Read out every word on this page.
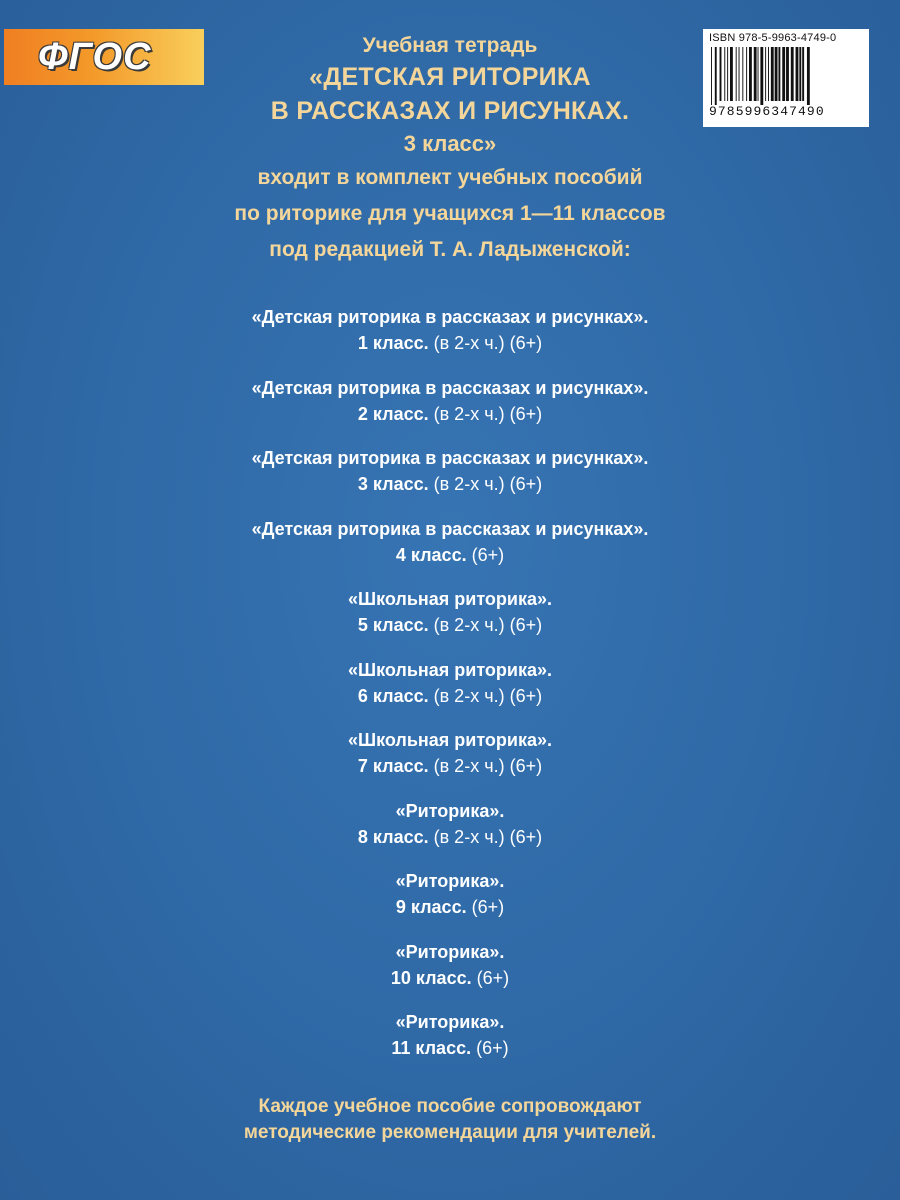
ФГОС	ISBN 978-5-9963-4749-0
9785996347490
Учебная тетрадь
«ДЕТСКАЯ РИТОРИКА
В РАССКАЗАХ И РИСУНКАХ.
3 класс»
входит в комплект учебных пособий
по риторике для учащихся 1—11 классов
под редакцией Т. А. Ладыженской:
«Детская риторика в рассказах и рисунках».
1 класс. (в 2-х ч.) (6+)
«Детская риторика в рассказах и рисунках».
2 класс. (в 2-х ч.) (6+)
«Детская риторика в рассказах и рисунках».
3 класс. (в 2-х ч.) (6+)
«Детская риторика в рассказах и рисунках».
4 класс. (6+)
«Школьная риторика».
5 класс. (в 2-х ч.) (6+)
«Школьная риторика».
6 класс. (в 2-х ч.) (6+)
«Школьная риторика».
7 класс. (в 2-х ч.) (6+)
«Риторика».
8 класс. (в 2-х ч.) (6+)
«Риторика».
9 класс. (6+)
«Риторика».
10 класс. (6+)
«Риторика».
11 класс. (6+)
Каждое учебное пособие сопровождают
методические рекомендации для учителей.
